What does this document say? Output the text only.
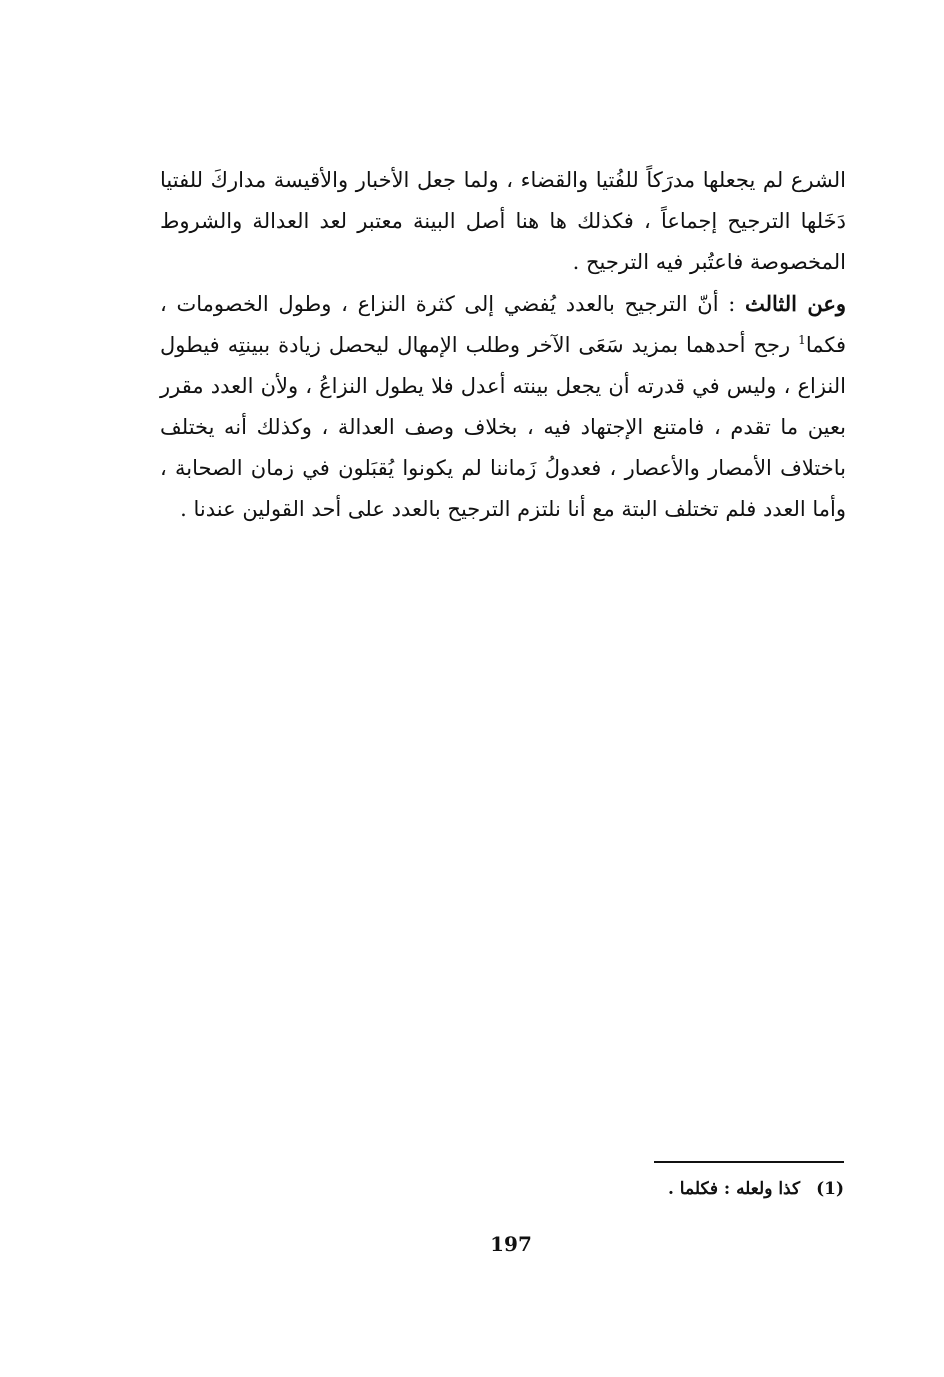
الشرع لم يجعلها مدرَكاً للفُتيا والقضاء ، ولما جعل الأخبار والأقيسة مداركَ للفتيا دَخَلها الترجيح إجماعاً ، فكذلك ها هنا أصل البينة معتبر لعد العدالة والشروط المخصوصة فاعتُبر فيه الترجيح .

وعن الثالث : أنّ الترجيح بالعدد يُفضي إلى كثرة النزاع ، وطول الخصومات ، فكما$^1$ رجح أحدهما بمزيد سَعَى الآخر وطلب الإمهال ليحصل زيادة ببينتِه فيطول النزاع ، وليس في قدرته أن يجعل بينته أعدل فلا يطول النزاعُ ، ولأن العدد مقرر بعين ما تقدم ، فامتنع الإجتهاد فيه ، بخلاف وصف العدالة ، وكذلك أنه يختلف باختلاف الأمصار والأعصار ، فعدولُ زَماننا لم يكونوا يُقبَلون في زمان الصحابة ، وأما العدد فلم تختلف البتة مع أنا نلتزم الترجيح بالعدد على أحد القولين عندنا .

(1)كذا ولعله : فكلما .
197
